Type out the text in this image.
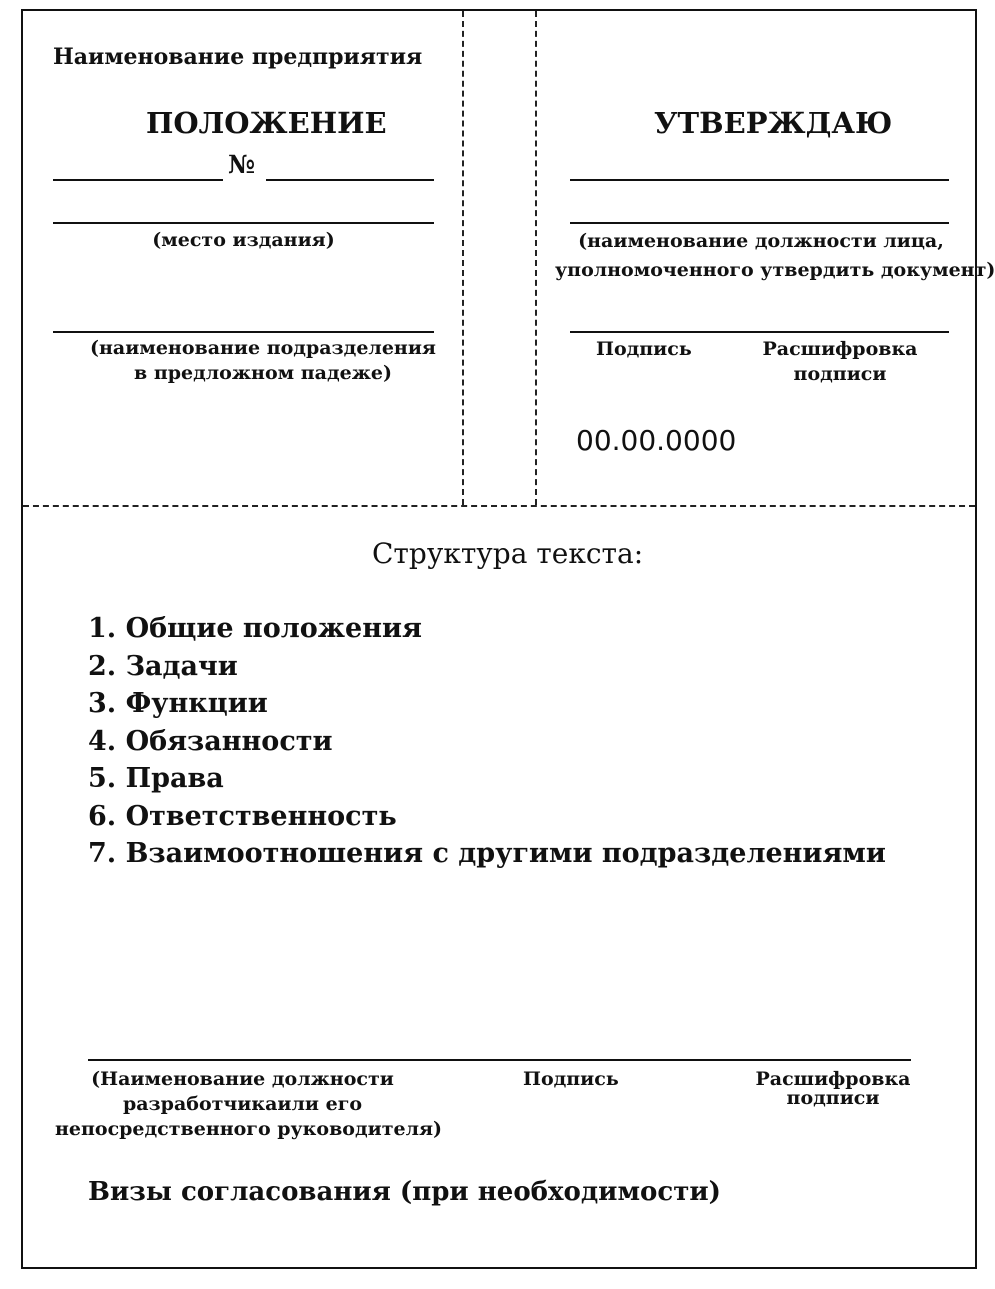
Наименование предприятия
ПОЛОЖЕНИЕ
№
(место издания)
(наименование подразделения
в предложном падеже)
УТВЕРЖДАЮ
(наименование должности лица,
уполномоченного утвердить документ)
Подпись	Расшифровка
подписи
00.00.0000
Структура текста:
1. Общие положения
2. Задачи
3. Функции
4. Обязанности
5. Права
6. Ответственность
7. Взаимоотношения с другими подразделениями
(Наименование должности
разработчикаили его
непосредственного руководителя)
Подпись	Расшифровка
подписи
Визы согласования (при необходимости)
